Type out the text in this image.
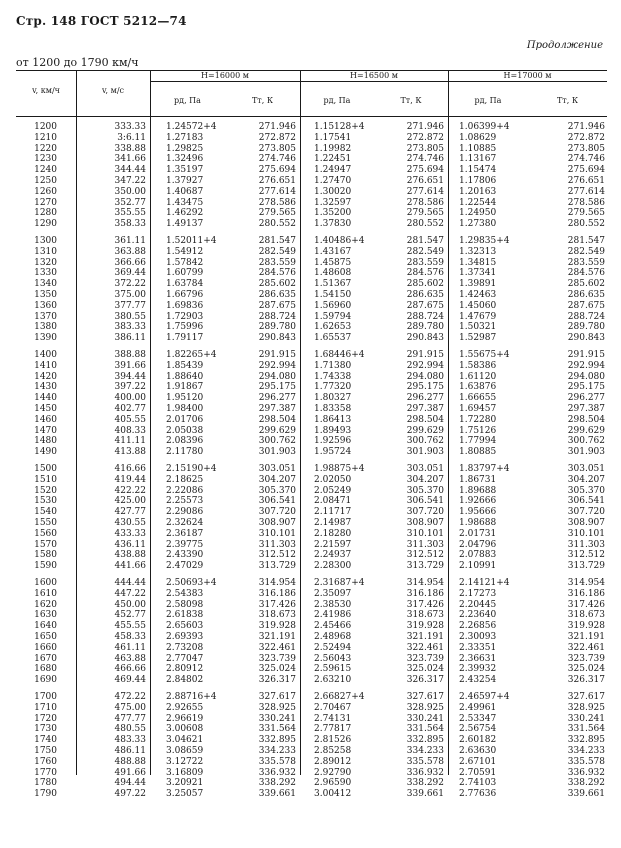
Стр. 148 ГОСТ 5212—74
Продолжение
от 1200 до 1790 км/ч
v, км/ч	v, м/с
H=16000 м
pд, Па	Tт, К
H=16500 м
pд, Па	Tт, К
H=17000 м
pд, Па	Tт, К
1200	333.33 1.24572+4	271.946 1.15128+4	271.946 1.06399+4	271.946
1210	3:6.11 1.27183	272.872 1.17541	272.872 1.08629	272.872
1220	338.88 1.29825	273.805 1.19982	273.805 1.10885	273.805
1230	341.66 1.32496	274.746 1.22451	274.746 1.13167	274.746
1240	344.44 1.35197	275.694 1.24947	275.694 1.15474	275.694
1250	347.22 1.37927	276.651 1.27470	276.651 1.17806	276.651
1260	350.00 1.40687	277.614 1.30020	277.614 1.20163	277.614
1270	352.77 1.43475	278.586 1.32597	278.586 1.22544	278.586
1280	355.55 1.46292	279.565 1.35200	279.565 1.24950	279.565
1290	358.33 1.49137	280.552 1.37830	280.552 1.27380	280.552
1300	361.11 1.52011+4	281.547 1.40486+4	281.547 1.29835+4	281.547
1310	363.88 1.54912	282.549 1.43167	282.549 1.32313	282.549
1320	366.66 1.57842	283.559 1.45875	283.559 1.34815	283.559
1330	369.44 1.60799	284.576 1.48608	284.576 1.37341	284.576
1340	372.22 1.63784	285.602 1.51367	285.602 1.39891	285.602
1350	375.00 1.66796	286.635 1.54150	286.635 1.42463	286.635
1360	377.77 1.69836	287.675 1.56960	287.675 1.45060	287.675
1370	380.55 1.72903	288.724 1.59794	288.724 1.47679	288.724
1380	383.33 1.75996	289.780 1.62653	289.780 1.50321	289.780
1390	386.11 1.79117	290.843 1.65537	290.843 1.52987	290.843
1400	388.88 1.82265+4	291.915 1.68446+4	291.915 1.55675+4	291.915
1410	391.66 1.85439	292.994 1.71380	292.994 1.58386	292.994
1420	394.44 1.88640	294.080 1.74338	294.080 1.61120	294.080
1430	397.22 1.91867	295.175 1.77320	295.175 1.63876	295.175
1440	400.00 1.95120	296.277 1.80327	296.277 1.66655	296.277
1450	402.77 1.98400	297.387 1.83358	297.387 1.69457	297.387
1460	405.55 2.01706	298.504 1.86413	298.504 1.72280	298.504
1470	408.33 2.05038	299.629 1.89493	299.629 1.75126	299.629
1480	411.11 2.08396	300.762 1.92596	300.762 1.77994	300.762
1490	413.88 2.11780	301.903 1.95724	301.903 1.80885	301.903
1500	416.66 2.15190+4	303.051 1.98875+4	303.051 1.83797+4	303.051
1510	419.44 2.18625	304.207 2.02050	304.207 1.86731	304.207
1520	422.22 2.22086	305.370 2.05249	305.370 1.89688	305.370
1530	425.00 2.25573	306.541 2.08471	306.541 1.92666	306.541
1540	427.77 2.29086	307.720 2.11717	307.720 1.95666	307.720
1550	430.55 2.32624	308.907 2.14987	308.907 1.98688	308.907
1560	433.33 2.36187	310.101 2.18280	310.101 2.01731	310.101
1570	436.11 2.39775	311.303 2.21597	311.303 2.04796	311.303
1580	438.88 2.43390	312.512 2.24937	312.512 2.07883	312.512
1590	441.66 2.47029	313.729 2.28300	313.729 2.10991	313.729
1600	444.44 2.50693+4	314.954 2.31687+4	314.954 2.14121+4	314.954
1610	447.22 2.54383	316.186 2.35097	316.186 2.17273	316.186
1620	450.00 2.58098	317.426 2.38530	317.426 2.20445	317.426
1630	452.77 2.61838	318.673 2.41986	318.673 2.23640	318.673
1640	455.55 2.65603	319.928 2.45466	319.928 2.26856	319.928
1650	458.33 2.69393	321.191 2.48968	321.191 2.30093	321.191
1660	461.11 2.73208	322.461 2.52494	322.461 2.33351	322.461
1670	463.88 2.77047	323.739 2.56043	323.739 2.36631	323.739
1680	466.66 2.80912	325.024 2.59615	325.024 2.39932	325.024
1690	469.44 2.84802	326.317 2.63210	326.317 2.43254	326.317
1700	472.22 2.88716+4	327.617 2.66827+4	327.617 2.46597+4	327.617
1710	475.00 2.92655	328.925 2.70467	328.925 2.49961	328.925
1720	477.77 2.96619	330.241 2.74131	330.241 2.53347	330.241
1730	480.55 3.00608	331.564 2.77817	331.564 2.56754	331.564
1740	483.33 3.04621	332.895 2.81526	332.895 2.60182	332.895
1750	486.11 3.08659	334.233 2.85258	334.233 2.63630	334.233
1760	488.88 3.12722	335.578 2.89012	335.578 2.67101	335.578
1770	491.66 3.16809	336.932 2.92790	336.932 2.70591	336.932
1780	494.44 3.20921	338.292 2.96590	338.292 2.74103	338.292
1790	497.22 3.25057	339.661 3.00412	339.661 2.77636	339.661
